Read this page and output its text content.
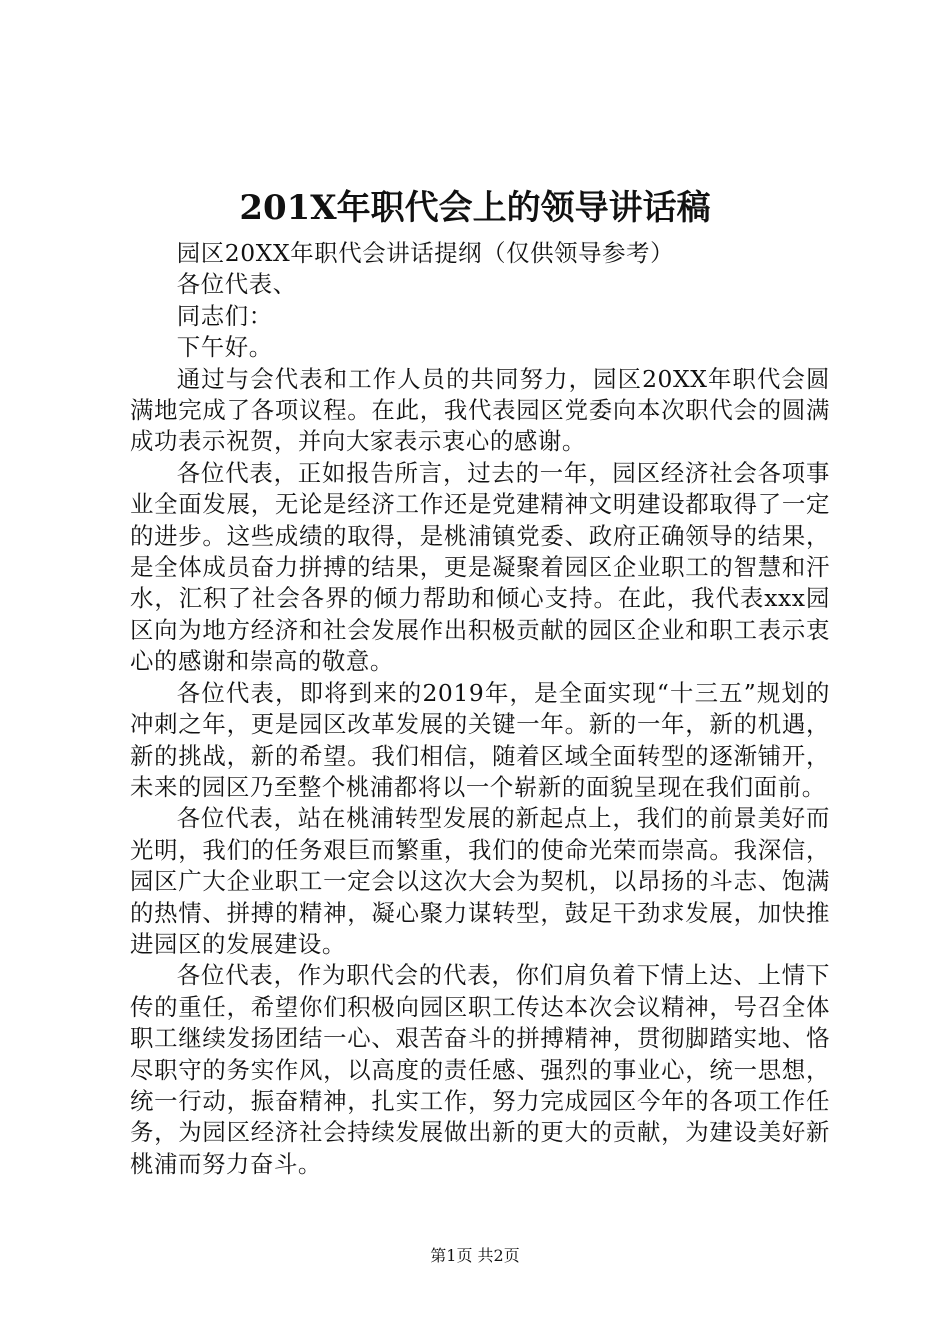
201X年职代会上的领导讲话稿

园区20XX年职代会讲话提纲（仅供领导参考）

各位代表、

同志们：

下午好。

通过与会代表和工作人员的共同努力，园区20XX年职代会圆满地完成了各项议程。在此，我代表园区党委向本次职代会的圆满成功表示祝贺，并向大家表示衷心的感谢。

各位代表，正如报告所言，过去的一年，园区经济社会各项事业全面发展，无论是经济工作还是党建精神文明建设都取得了一定的进步。这些成绩的取得，是桃浦镇党委、政府正确领导的结果，是全体成员奋力拼搏的结果，更是凝聚着园区企业职工的智慧和汗水，汇积了社会各界的倾力帮助和倾心支持。在此，我代表xxx园区向为地方经济和社会发展作出积极贡献的园区企业和职工表示衷心的感谢和崇高的敬意。

各位代表，即将到来的2019年，是全面实现“十三五”规划的冲刺之年，更是园区改革发展的关键一年。新的一年，新的机遇，新的挑战，新的希望。我们相信，随着区域全面转型的逐渐铺开，未来的园区乃至整个桃浦都将以一个崭新的面貌呈现在我们面前。

各位代表，站在桃浦转型发展的新起点上，我们的前景美好而光明，我们的任务艰巨而繁重，我们的使命光荣而崇高。我深信，园区广大企业职工一定会以这次大会为契机，以昂扬的斗志、饱满的热情、拼搏的精神，凝心聚力谋转型，鼓足干劲求发展，加快推进园区的发展建设。

各位代表，作为职代会的代表，你们肩负着下情上达、上情下传的重任，希望你们积极向园区职工传达本次会议精神，号召全体职工继续发扬团结一心、艰苦奋斗的拼搏精神，贯彻脚踏实地、恪尽职守的务实作风，以高度的责任感、强烈的事业心，统一思想，统一行动，振奋精神，扎实工作，努力完成园区今年的各项工作任务，为园区经济社会持续发展做出新的更大的贡献，为建设美好新桃浦而努力奋斗。

第1页 共2页
